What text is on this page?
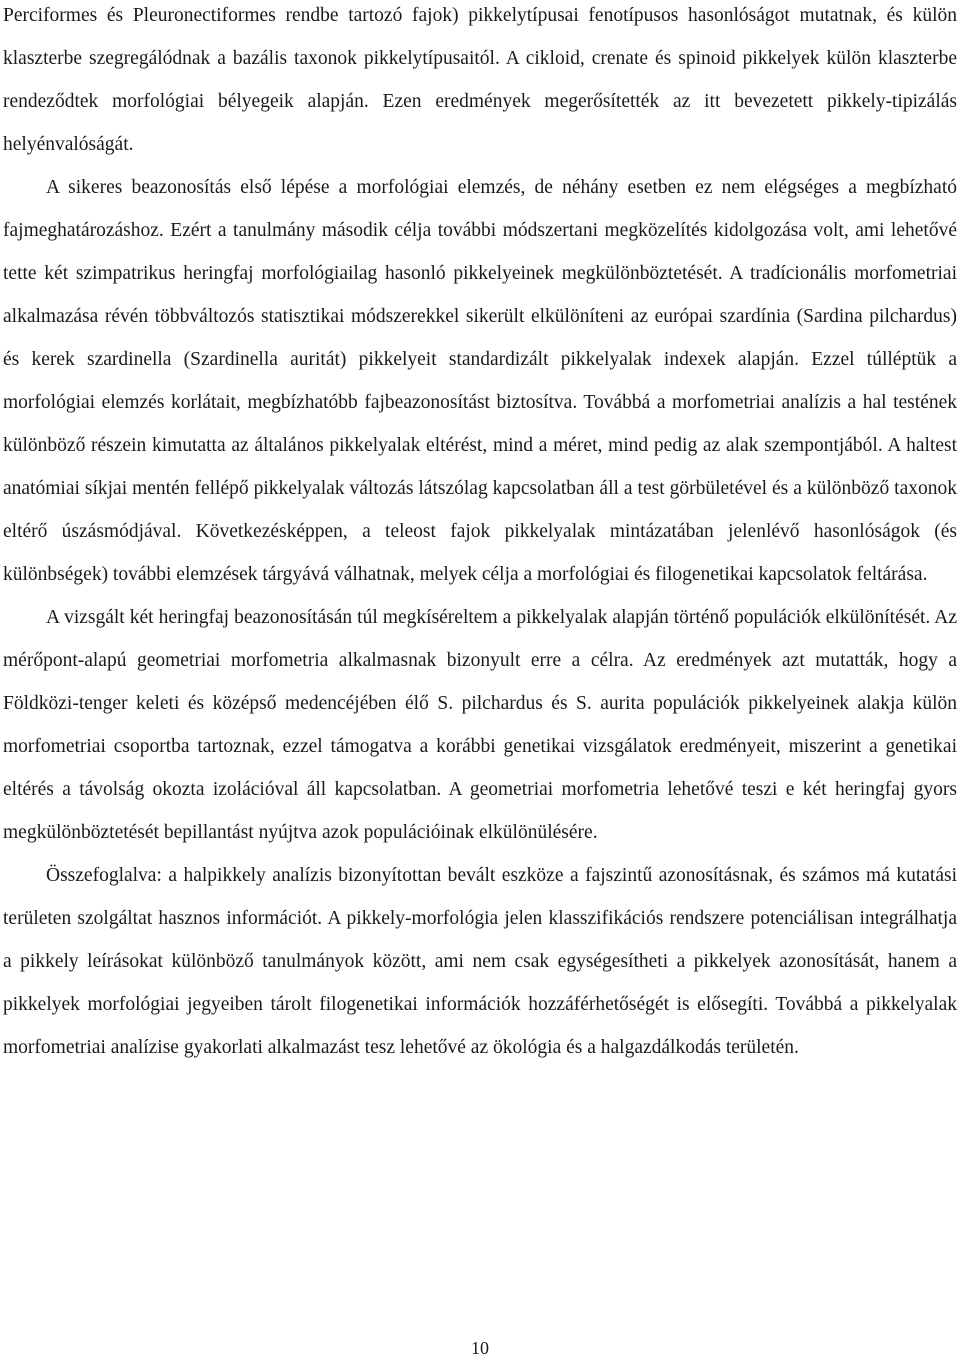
Perciformes és Pleuronectiformes rendbe tartozó fajok) pikkelytípusai fenotípusos hasonlóságot mutatnak, és külön klaszterbe szegregálódnak a bazális taxonok pikkelytípusaitól. A cikloid, crenate és spinoid pikkelyek külön klaszterbe rendeződtek morfológiai bélyegeik alapján. Ezen eredmények megerősítették az itt bevezetett pikkely-tipizálás helyénvalóságát.

A sikeres beazonosítás első lépése a morfológiai elemzés, de néhány esetben ez nem elégséges a megbízható fajmeghatározáshoz. Ezért a tanulmány második célja további módszertani megközelítés kidolgozása volt, ami lehetővé tette két szimpatrikus heringfaj morfológiailag hasonló pikkelyeinek megkülönböztetését. A tradícionális morfometriai alkalmazása révén többváltozós statisztikai módszerekkel sikerült elkülöníteni az európai szardínia (Sardina pilchardus) és kerek szardinella (Szardinella auritát) pikkelyeit standardizált pikkelyalak indexek alapján. Ezzel túlléptük a morfológiai elemzés korlátait, megbízhatóbb fajbeazonosítást biztosítva. Továbbá a morfometriai analízis a hal testének különböző részein kimutatta az általános pikkelyalak eltérést, mind a méret, mind pedig az alak szempontjából. A haltest anatómiai síkjai mentén fellépő pikkelyalak változás látszólag kapcsolatban áll a test görbületével és a különböző taxonok eltérő úszásmódjával. Következésképpen, a teleost fajok pikkelyalak mintázatában jelenlévő hasonlóságok (és különbségek) további elemzések tárgyává válhatnak, melyek célja a morfológiai és filogenetikai kapcsolatok feltárása.

A vizsgált két heringfaj beazonosításán túl megkíséreltem a pikkelyalak alapján történő populációk elkülönítését. Az mérőpont-alapú geometriai morfometria alkalmasnak bizonyult erre a célra. Az eredmények azt mutatták, hogy a Földközi-tenger keleti és középső medencéjében élő S. pilchardus és S. aurita populációk pikkelyeinek alakja külön morfometriai csoportba tartoznak, ezzel támogatva a korábbi genetikai vizsgálatok eredményeit, miszerint a genetikai eltérés a távolság okozta izolációval áll kapcsolatban. A geometriai morfometria lehetővé teszi e két heringfaj gyors megkülönböztetését bepillantást nyújtva azok populációinak elkülönülésére.

Összefoglalva: a halpikkely analízis bizonyítottan bevált eszköze a fajszintű azonosításnak, és számos má kutatási területen szolgáltat hasznos információt. A pikkely-morfológia jelen klasszifikációs rendszere potenciálisan integrálhatja a pikkely leírásokat különböző tanulmányok között, ami nem csak egységesítheti a pikkelyek azonosítását, hanem a pikkelyek morfológiai jegyeiben tárolt filogenetikai információk hozzáférhetőségét is elősegíti. Továbbá a pikkelyalak morfometriai analízise gyakorlati alkalmazást tesz lehetővé az ökológia és a halgazdálkodás területén.

10
